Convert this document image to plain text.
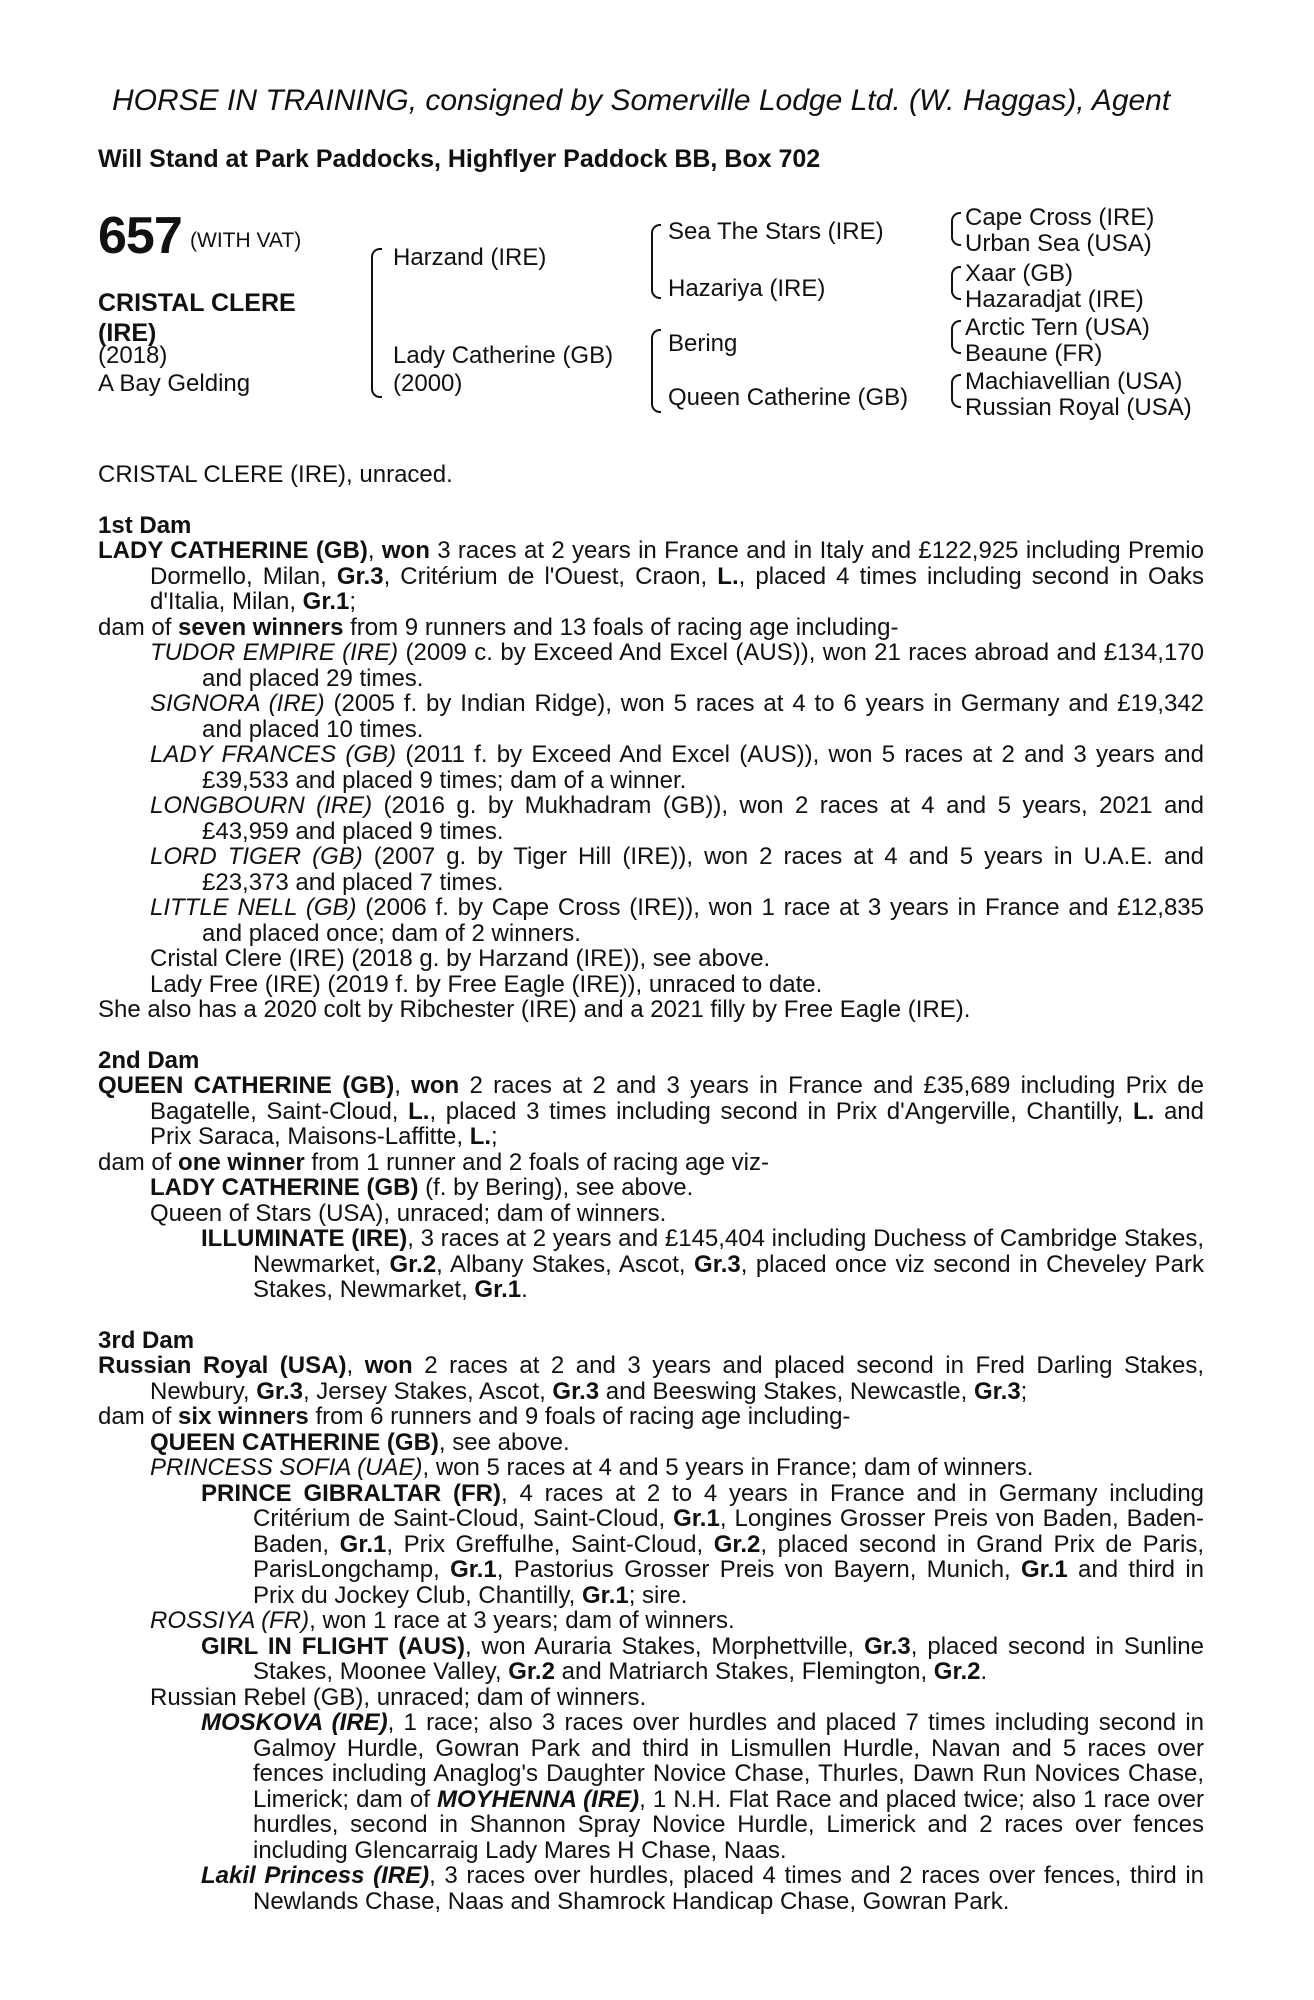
HORSE IN TRAINING, consigned by Somerville Lodge Ltd. (W. Haggas), Agent
Will Stand at Park Paddocks, Highflyer Paddock BB, Box 702
657 (WITH VAT)
CRISTAL CLERE
(IRE)
(2018)
A Bay Gelding
Harzand (IRE)
Lady Catherine (GB)
(2000)
Sea The Stars (IRE)
Hazariya (IRE)
Bering
Queen Catherine (GB)
Cape Cross (IRE)
Urban Sea (USA)
Xaar (GB)
Hazaradjat (IRE)
Arctic Tern (USA)
Beaune (FR)
Machiavellian (USA)
Russian Royal (USA)

CRISTAL CLERE (IRE), unraced.

1st Dam

LADY CATHERINE (GB), won 3 races at 2 years in France and in Italy and £122,925 including Premio Dormello, Milan, Gr.3, Critérium de l'Ouest, Craon, L., placed 4 times including second in Oaks d'Italia, Milan, Gr.1;

dam of seven winners from 9 runners and 13 foals of racing age including-

TUDOR EMPIRE (IRE) (2009 c. by Exceed And Excel (AUS)), won 21 races abroad and £134,170 and placed 29 times.

SIGNORA (IRE) (2005 f. by Indian Ridge), won 5 races at 4 to 6 years in Germany and £19,342 and placed 10 times.

LADY FRANCES (GB) (2011 f. by Exceed And Excel (AUS)), won 5 races at 2 and 3 years and £39,533 and placed 9 times; dam of a winner.

LONGBOURN (IRE) (2016 g. by Mukhadram (GB)), won 2 races at 4 and 5 years, 2021 and £43,959 and placed 9 times.

LORD TIGER (GB) (2007 g. by Tiger Hill (IRE)), won 2 races at 4 and 5 years in U.A.E. and £23,373 and placed 7 times.

LITTLE NELL (GB) (2006 f. by Cape Cross (IRE)), won 1 race at 3 years in France and £12,835 and placed once; dam of 2 winners.

Cristal Clere (IRE) (2018 g. by Harzand (IRE)), see above.

Lady Free (IRE) (2019 f. by Free Eagle (IRE)), unraced to date.

She also has a 2020 colt by Ribchester (IRE) and a 2021 filly by Free Eagle (IRE).

2nd Dam

QUEEN CATHERINE (GB), won 2 races at 2 and 3 years in France and £35,689 including Prix de Bagatelle, Saint-Cloud, L., placed 3 times including second in Prix d'Angerville, Chantilly, L. and Prix Saraca, Maisons-Laffitte, L.;

dam of one winner from 1 runner and 2 foals of racing age viz-

LADY CATHERINE (GB) (f. by Bering), see above.

Queen of Stars (USA), unraced; dam of winners.

ILLUMINATE (IRE), 3 races at 2 years and £145,404 including Duchess of Cambridge Stakes, Newmarket, Gr.2, Albany Stakes, Ascot, Gr.3, placed once viz second in Cheveley Park Stakes, Newmarket, Gr.1.

3rd Dam

Russian Royal (USA), won 2 races at 2 and 3 years and placed second in Fred Darling Stakes, Newbury, Gr.3, Jersey Stakes, Ascot, Gr.3 and Beeswing Stakes, Newcastle, Gr.3;

dam of six winners from 6 runners and 9 foals of racing age including-

QUEEN CATHERINE (GB), see above.

PRINCESS SOFIA (UAE), won 5 races at 4 and 5 years in France; dam of winners.

PRINCE GIBRALTAR (FR), 4 races at 2 to 4 years in France and in Germany including Critérium de Saint-Cloud, Saint-Cloud, Gr.1, Longines Grosser Preis von Baden, Baden-Baden, Gr.1, Prix Greffulhe, Saint-Cloud, Gr.2, placed second in Grand Prix de Paris, ParisLongchamp, Gr.1, Pastorius Grosser Preis von Bayern, Munich, Gr.1 and third in Prix du Jockey Club, Chantilly, Gr.1; sire.

ROSSIYA (FR), won 1 race at 3 years; dam of winners.

GIRL IN FLIGHT (AUS), won Auraria Stakes, Morphettville, Gr.3, placed second in Sunline Stakes, Moonee Valley, Gr.2 and Matriarch Stakes, Flemington, Gr.2.

Russian Rebel (GB), unraced; dam of winners.

MOSKOVA (IRE), 1 race; also 3 races over hurdles and placed 7 times including second in Galmoy Hurdle, Gowran Park and third in Lismullen Hurdle, Navan and 5 races over fences including Anaglog's Daughter Novice Chase, Thurles, Dawn Run Novices Chase, Limerick; dam of MOYHENNA (IRE), 1 N.H. Flat Race and placed twice; also 1 race over hurdles, second in Shannon Spray Novice Hurdle, Limerick and 2 races over fences including Glencarraig Lady Mares H Chase, Naas.

Lakil Princess (IRE), 3 races over hurdles, placed 4 times and 2 races over fences, third in Newlands Chase, Naas and Shamrock Handicap Chase, Gowran Park.
